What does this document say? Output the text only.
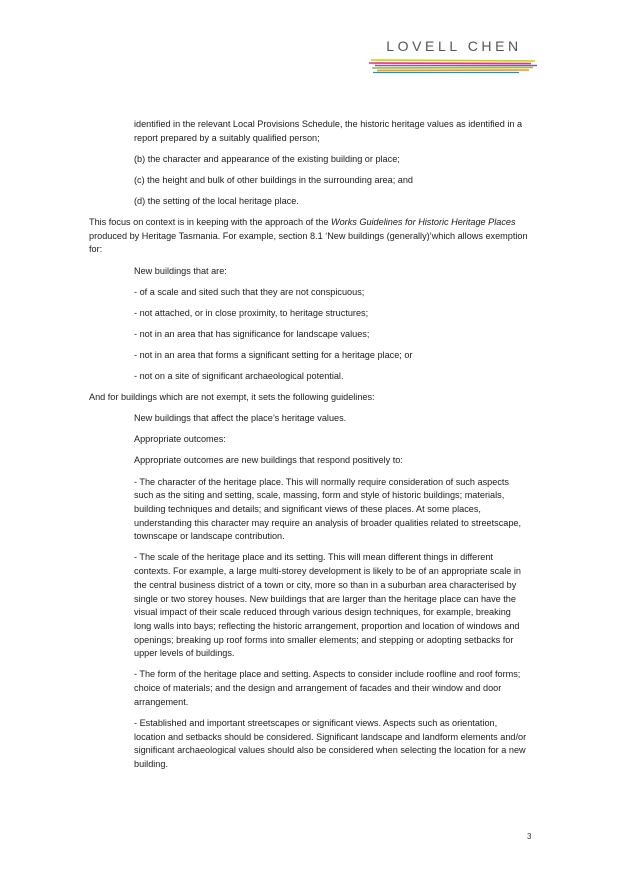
LOVELL CHEN

identified in the relevant Local Provisions Schedule, the historic heritage values as identified in a report prepared by a suitably qualified person;

(b) the character and appearance of the existing building or place;

(c) the height and bulk of other buildings in the surrounding area; and

(d) the setting of the local heritage place.

This focus on context is in keeping with the approach of the Works Guidelines for Historic Heritage Places produced by Heritage Tasmania. For example, section 8.1 ‘New buildings (generally)’which allows exemption for:

New buildings that are:

- of a scale and sited such that they are not conspicuous;

- not attached, or in close proximity, to heritage structures;

- not in an area that has significance for landscape values;

- not in an area that forms a significant setting for a heritage place; or

- not on a site of significant archaeological potential.

And for buildings which are not exempt, it sets the following guidelines:

New buildings that affect the place’s heritage values.

Appropriate outcomes:

Appropriate outcomes are new buildings that respond positively to:

- The character of the heritage place. This will normally require consideration of such aspects such as the siting and setting, scale, massing, form and style of historic buildings; materials, building techniques and details; and significant views of these places. At some places, understanding this character may require an analysis of broader qualities related to streetscape, townscape or landscape contribution.

- The scale of the heritage place and its setting. This will mean different things in different contexts. For example, a large multi-storey development is likely to be of an appropriate scale in the central business district of a town or city, more so than in a suburban area characterised by single or two storey houses. New buildings that are larger than the heritage place can have the visual impact of their scale reduced through various design techniques, for example, breaking long walls into bays; reflecting the historic arrangement, proportion and location of windows and openings; breaking up roof forms into smaller elements; and stepping or adopting setbacks for upper levels of buildings.

- The form of the heritage place and setting. Aspects to consider include roofline and roof forms; choice of materials; and the design and arrangement of facades and their window and door arrangement.

- Established and important streetscapes or significant views. Aspects such as orientation, location and setbacks should be considered. Significant landscape and landform elements and/or significant archaeological values should also be considered when selecting the location for a new building.

3
